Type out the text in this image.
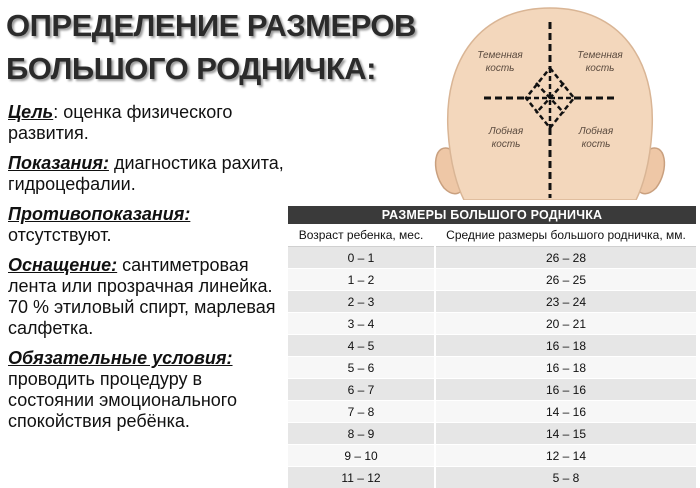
ОПРЕДЕЛЕНИЕ РАЗМЕРОВ БОЛЬШОГО РОДНИЧКА:

Цель: оценка физического развития.

Показания: диагностика рахита, гидроцефалии.

Противопоказания: отсутствуют.

Оснащение: сантиметровая лента или прозрачная линейка. 70 % этиловый спирт, марлевая салфетка.

Обязательные условия: проводить процедуру в состоянии эмоционального спокойствия ребёнка.

Теменная
кость
Теменная
кость
Лобная
кость
Лобная
кость
РАЗМЕРЫ БОЛЬШОГО РОДНИЧКА	
Возраст ребенка, мес.	Средние размеры большого родничка, мм.
0 – 1	26 – 28
1 – 2	26 – 25
2 – 3	23 – 24
3 – 4	20 – 21
4 – 5	16 – 18
5 – 6	16 – 18
6 – 7	16 – 16
7 – 8	14 – 16
8 – 9	14 – 15
9 – 10	12 – 14
11 – 12	5 – 8
